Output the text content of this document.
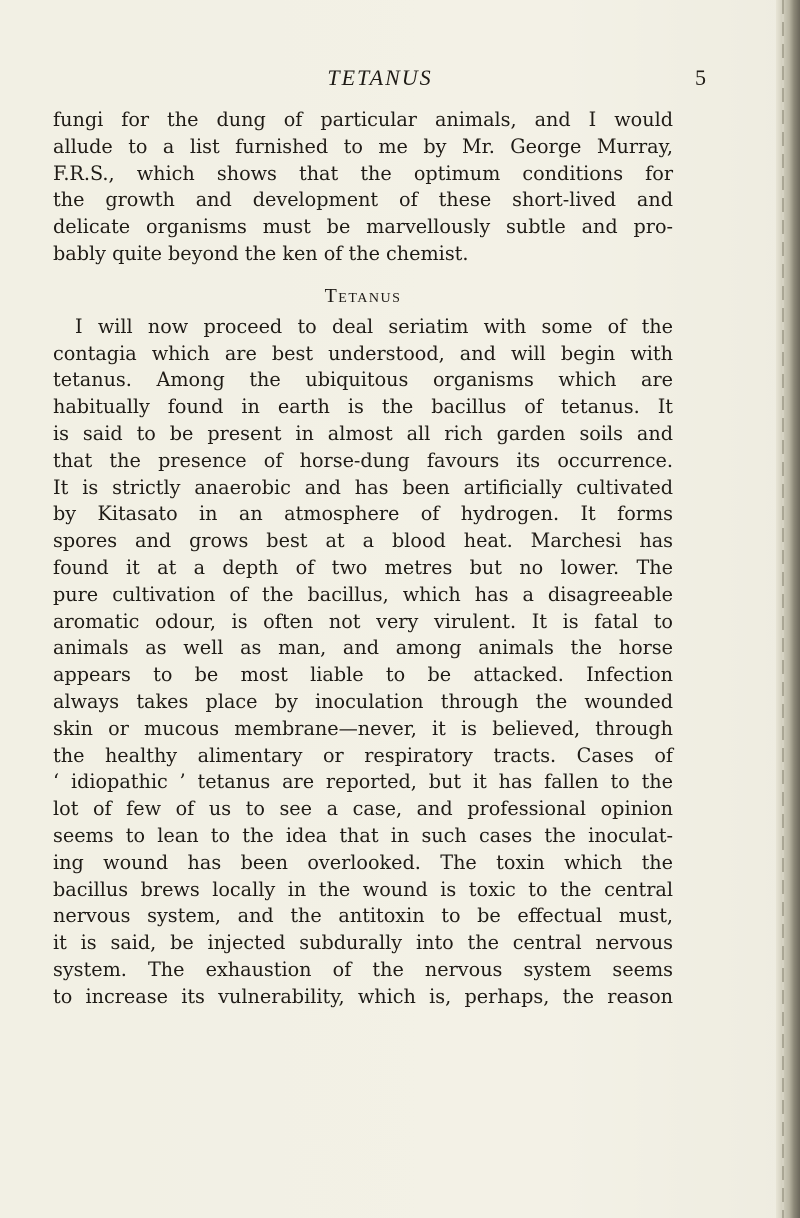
TETANUS	5
fungi for the dung of particular animals, and I would
allude to a list furnished to me by Mr. George Murray,
F.R.S., which shows that the optimum conditions for
the growth and development of these short-lived and
delicate organisms must be marvellously subtle and pro-
bably quite beyond the ken of the chemist.
Tetanus
I will now proceed to deal seriatim with some of the
contagia which are best understood, and will begin with
tetanus. Among the ubiquitous organisms which are
habitually found in earth is the bacillus of tetanus. It
is said to be present in almost all rich garden soils and
that the presence of horse-dung favours its occurrence.
It is strictly anaerobic and has been artificially cultivated
by Kitasato in an atmosphere of hydrogen. It forms
spores and grows best at a blood heat. Marchesi has
found it at a depth of two metres but no lower. The
pure cultivation of the bacillus, which has a disagreeable
aromatic odour, is often not very virulent. It is fatal to
animals as well as man, and among animals the horse
appears to be most liable to be attacked. Infection
always takes place by inoculation through the wounded
skin or mucous membrane—never, it is believed, through
the healthy alimentary or respiratory tracts. Cases of
‘ idiopathic ’ tetanus are reported, but it has fallen to the
lot of few of us to see a case, and professional opinion
seems to lean to the idea that in such cases the inoculat-
ing wound has been overlooked. The toxin which the
bacillus brews locally in the wound is toxic to the central
nervous system, and the antitoxin to be effectual must,
it is said, be injected subdurally into the central nervous
system. The exhaustion of the nervous system seems
to increase its vulnerability, which is, perhaps, the reason
